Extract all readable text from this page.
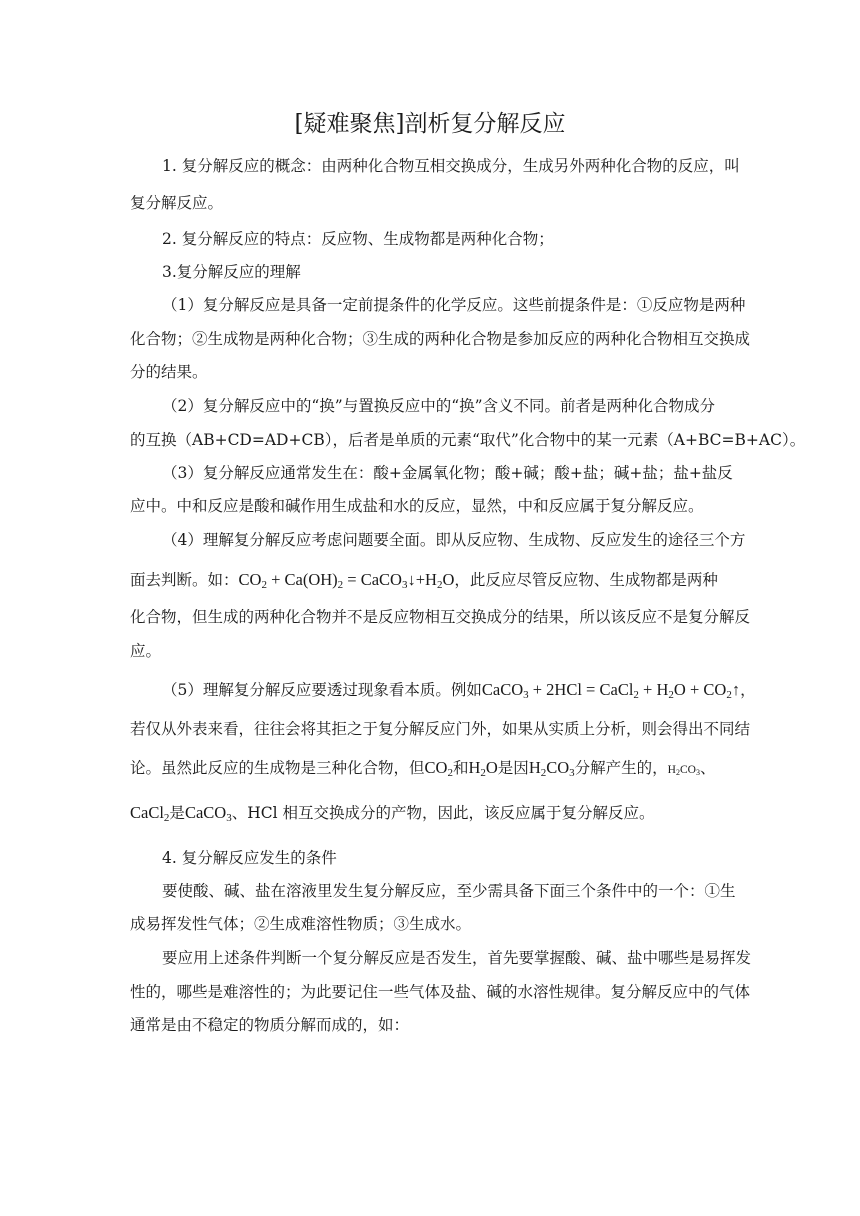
[疑难聚焦]剖析复分解反应
1. 复分解反应的概念：由两种化合物互相交换成分，生成另外两种化合物的反应，叫
复分解反应。
2. 复分解反应的特点：反应物、生成物都是两种化合物；
3.复分解反应的理解
（1）复分解反应是具备一定前提条件的化学反应。这些前提条件是：①反应物是两种
化合物；②生成物是两种化合物；③生成的两种化合物是参加反应的两种化合物相互交换成
分的结果。
（2）复分解反应中的“换”与置换反应中的“换”含义不同。前者是两种化合物成分
的互换（AB+CD=AD+CB），后者是单质的元素“取代”化合物中的某一元素（A+BC=B+AC）。
（3）复分解反应通常发生在：酸+金属氧化物；酸+碱；酸+盐；碱+盐；盐+盐反
应中。中和反应是酸和碱作用生成盐和水的反应，显然，中和反应属于复分解反应。
（4）理解复分解反应考虑问题要全面。即从反应物、生成物、反应发生的途径三个方
面去判断。如：$CO_2 + Ca(OH)_2$ = $CaCO_3↓+H_2O$，此反应尽管反应物、生成物都是两种
化合物，但生成的两种化合物并不是反应物相互交换成分的结果，所以该反应不是复分解反
应。
（5）理解复分解反应要透过现象看本质。例如CaCO$_3$ + 2HCl = CaCl$_2$ + $H_2O$ + $CO_2↑$，
若仅从外表来看，往往会将其拒之于复分解反应门外，如果从实质上分析，则会得出不同结
论。虽然此反应的生成物是三种化合物，但$CO_2$和$H_2O$是因$H_2CO_3$分解产生的，$H_2CO_3$、
CaCl$_2$是CaCO$_3$、HCl 相互交换成分的产物，因此，该反应属于复分解反应。
4. 复分解反应发生的条件
要使酸、碱、盐在溶液里发生复分解反应，至少需具备下面三个条件中的一个：①生
成易挥发性气体；②生成难溶性物质；③生成水。
要应用上述条件判断一个复分解反应是否发生，首先要掌握酸、碱、盐中哪些是易挥发
性的，哪些是难溶性的；为此要记住一些气体及盐、碱的水溶性规律。复分解反应中的气体
通常是由不稳定的物质分解而成的，如：
